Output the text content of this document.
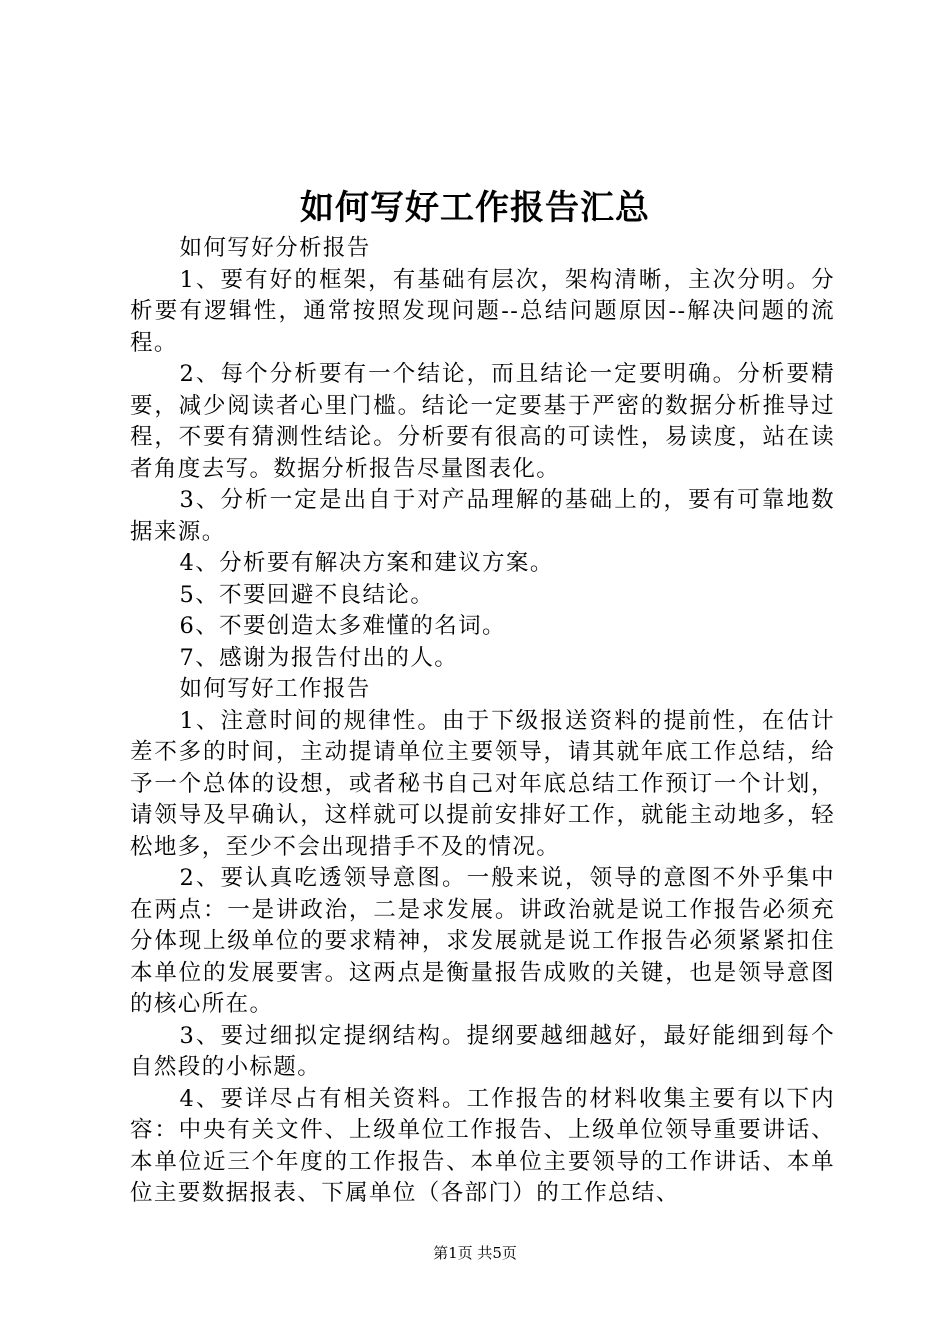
如何写好工作报告汇总

如何写好分析报告

1、要有好的框架，有基础有层次，架构清晰，主次分明。分析要有逻辑性，通常按照发现问题--总结问题原因--解决问题的流程。

2、每个分析要有一个结论，而且结论一定要明确。分析要精要，减少阅读者心里门槛。结论一定要基于严密的数据分析推导过程，不要有猜测性结论。分析要有很高的可读性，易读度，站在读者角度去写。数据分析报告尽量图表化。

3、分析一定是出自于对产品理解的基础上的，要有可靠地数据来源。

4、分析要有解决方案和建议方案。

5、不要回避不良结论。

6、不要创造太多难懂的名词。

7、感谢为报告付出的人。

如何写好工作报告

1、注意时间的规律性。由于下级报送资料的提前性，在估计差不多的时间，主动提请单位主要领导，请其就年底工作总结，给予一个总体的设想，或者秘书自己对年底总结工作预订一个计划，请领导及早确认，这样就可以提前安排好工作，就能主动地多，轻松地多，至少不会出现措手不及的情况。

2、要认真吃透领导意图。一般来说，领导的意图不外乎集中在两点：一是讲政治，二是求发展。讲政治就是说工作报告必须充分体现上级单位的要求精神，求发展就是说工作报告必须紧紧扣住本单位的发展要害。这两点是衡量报告成败的关键，也是领导意图的核心所在。

3、要过细拟定提纲结构。提纲要越细越好，最好能细到每个自然段的小标题。

4、要详尽占有相关资料。工作报告的材料收集主要有以下内容：中央有关文件、上级单位工作报告、上级单位领导重要讲话、本单位近三个年度的工作报告、本单位主要领导的工作讲话、本单位主要数据报表、下属单位（各部门）的工作总结、

第1页 共5页
